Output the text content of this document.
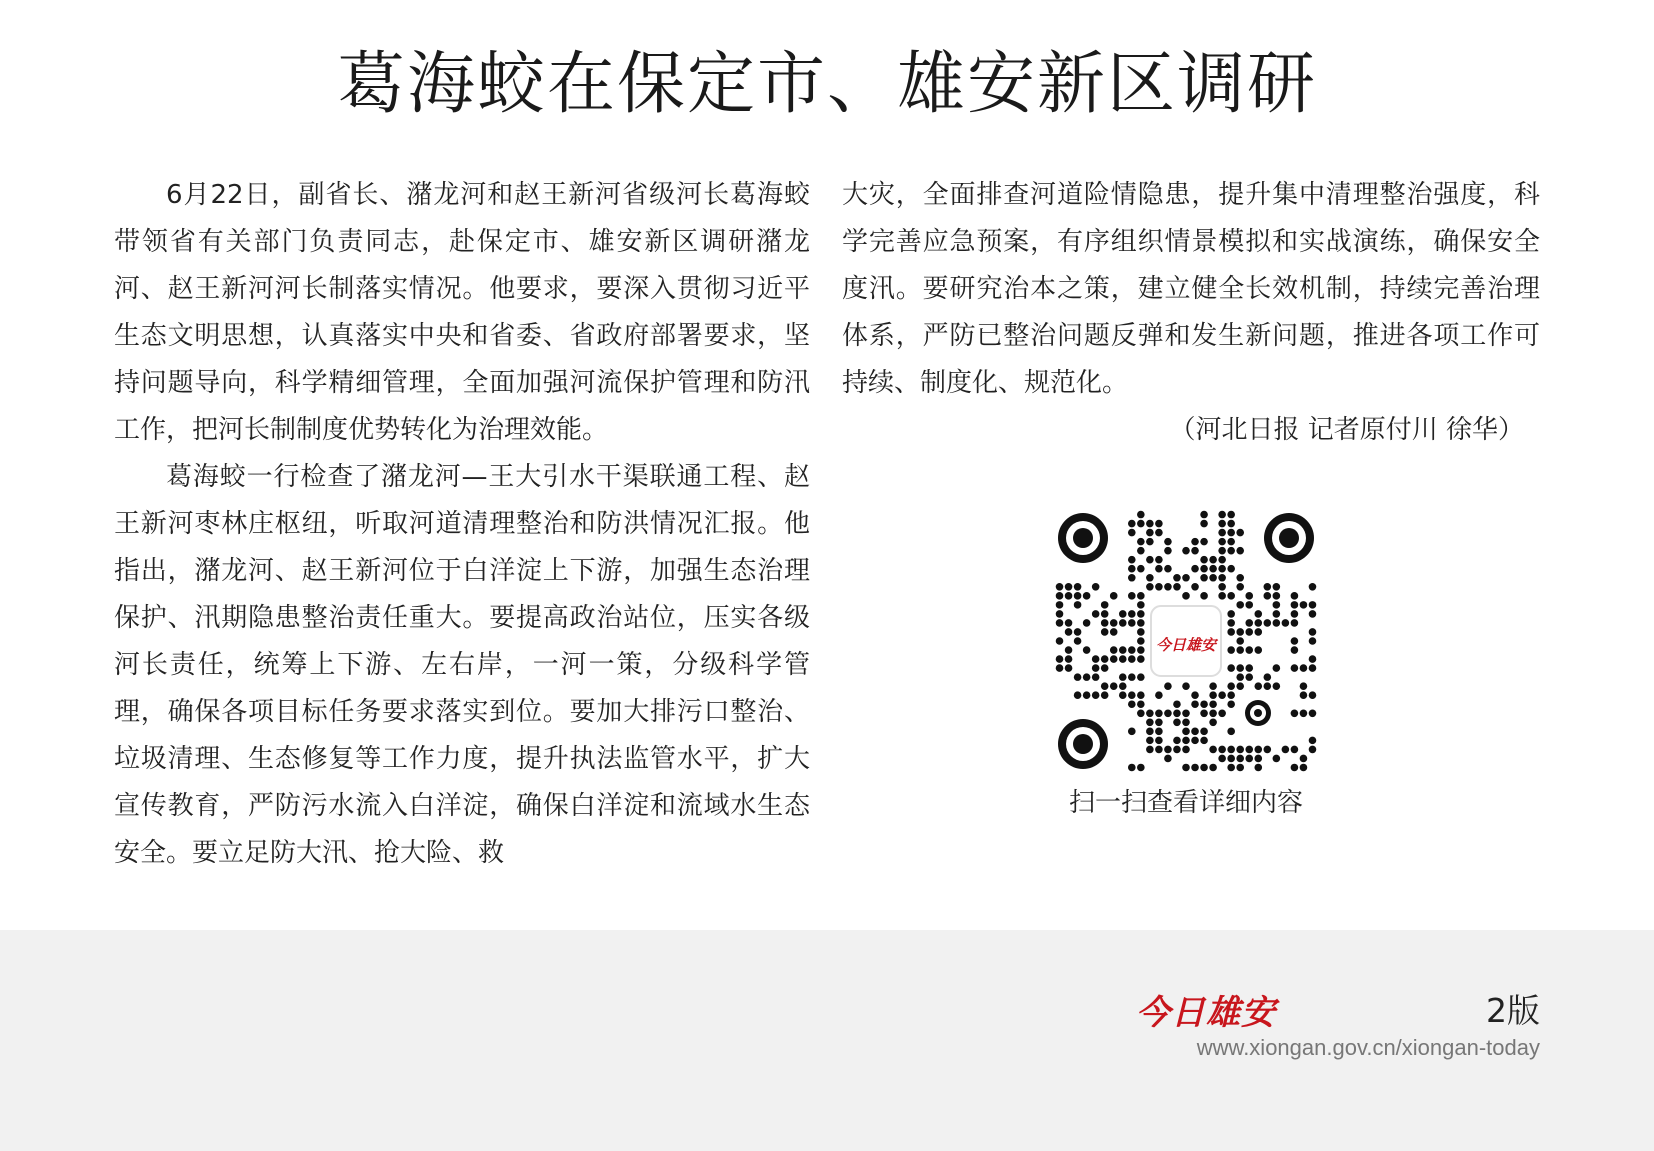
葛海蛟在保定市、雄安新区调研

6月22日，副省长、潴龙河和赵王新河省级河长葛海蛟带领省有关部门负责同志，赴保定市、雄安新区调研潴龙河、赵王新河河长制落实情况。他要求，要深入贯彻习近平生态文明思想，认真落实中央和省委、省政府部署要求，坚持问题导向，科学精细管理，全面加强河流保护管理和防汛工作，把河长制制度优势转化为治理效能。

葛海蛟一行检查了潴龙河—王大引水干渠联通工程、赵王新河枣林庄枢纽，听取河道清理整治和防洪情况汇报。他指出，潴龙河、赵王新河位于白洋淀上下游，加强生态治理保护、汛期隐患整治责任重大。要提高政治站位，压实各级河长责任，统筹上下游、左右岸，一河一策，分级科学管理，确保各项目标任务要求落实到位。要加大排污口整治、垃圾清理、生态修复等工作力度，提升执法监管水平，扩大宣传教育，严防污水流入白洋淀，确保白洋淀和流域水生态安全。要立足防大汛、抢大险、救

大灾，全面排查河道险情隐患，提升集中清理整治强度，科学完善应急预案，有序组织情景模拟和实战演练，确保安全度汛。要研究治本之策，建立健全长效机制，持续完善治理体系，严防已整治问题反弹和发生新问题，推进各项工作可持续、制度化、规范化。

（河北日报 记者原付川 徐华）
今日雄安
扫一扫查看详细内容
今日雄安	2版
www.xiongan.gov.cn/xiongan-today
